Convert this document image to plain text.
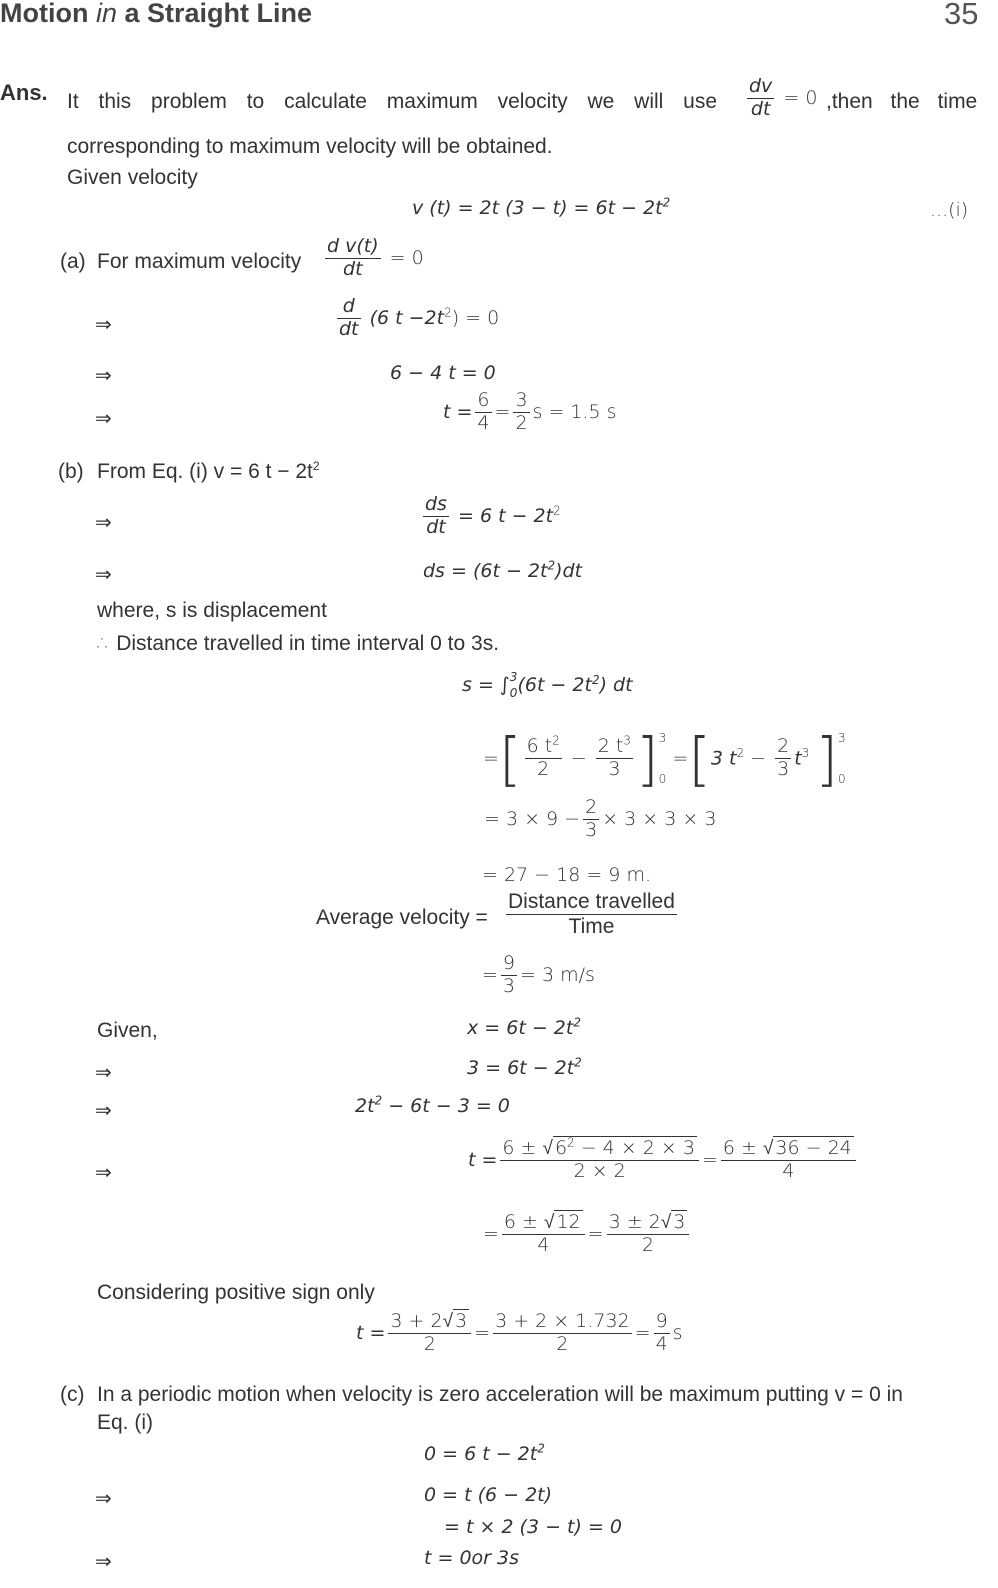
Motion in a Straight Line	35
Ans. It this problem to calculate maximum velocity we will use $\frac{dv}{dt} = 0$ ,then the time
corresponding to maximum velocity will be obtained.
Given velocity
v (t) = 2t $(3 - t) = 6t - 2t^2$	...(i)
(a) For maximum velocity $\frac{\text{d v(t)}}{dt} = 0$
⇒	$\frac{d}{dt} (6$ $t -2t^2) = 0$
⇒	6 − 4 t = 0
⇒	$t = \frac{6}{4} = \frac{3}{2}$ s = 1.5 s
(b) From Eq. (i) v = 6 $t - 2t^2$
⇒	$\frac{ds}{dt} = 6$ $t - 2t^2$
⇒	ds = $(6t - 2t^2)dt$
where, s is displacement
∴ Distance travelled in time interval 0 to 3s.
s = ∫ 3
0 $(6t - 2t^2)$ dt
=[ $\frac{6 t^2}{2} - \frac{2 t^3}{3}$ ] 3
0
=[3 $t^2 - \frac{2}{3} t^3$ ] 3
0
= $3 \times 9 - \frac{2}{3} \times 3 \times 3 \times 3$
= 27 − 18 = 9 m.
Average velocity = $\frac{\text{Distance travelled}}{\text{Time}}$
= $\frac{9}{3} = 3$ m/s
Given,	$x = 6t - 2t^2$
⇒	$3 = 6t - 2t^2$
⇒	$2t^2 - 6t - 3 = 0$
⇒
$t = \frac{6 \pm √ 6^2 - 4 \times 2 \times 3}{2 \times 2} = \frac{6 \pm √ 36 - 24}{4}$
= $\frac{6 \pm √ 12}{4} = \frac{3 \pm 2√ 3}{2}$
Considering positive sign only
$t = \frac{3 + 2√ 3}{2} = \frac{3 + 2 \times 1.732}{2} = \frac{9}{4}$ s
(c) In a periodic motion when velocity is zero acceleration will be maximum putting v = 0 in
Eq. (i)
0 = 6 $t - 2t^2$
⇒	0 = t (6 − 2t)
= t × 2 (3 − t) = 0
⇒	t = 0or 3s
